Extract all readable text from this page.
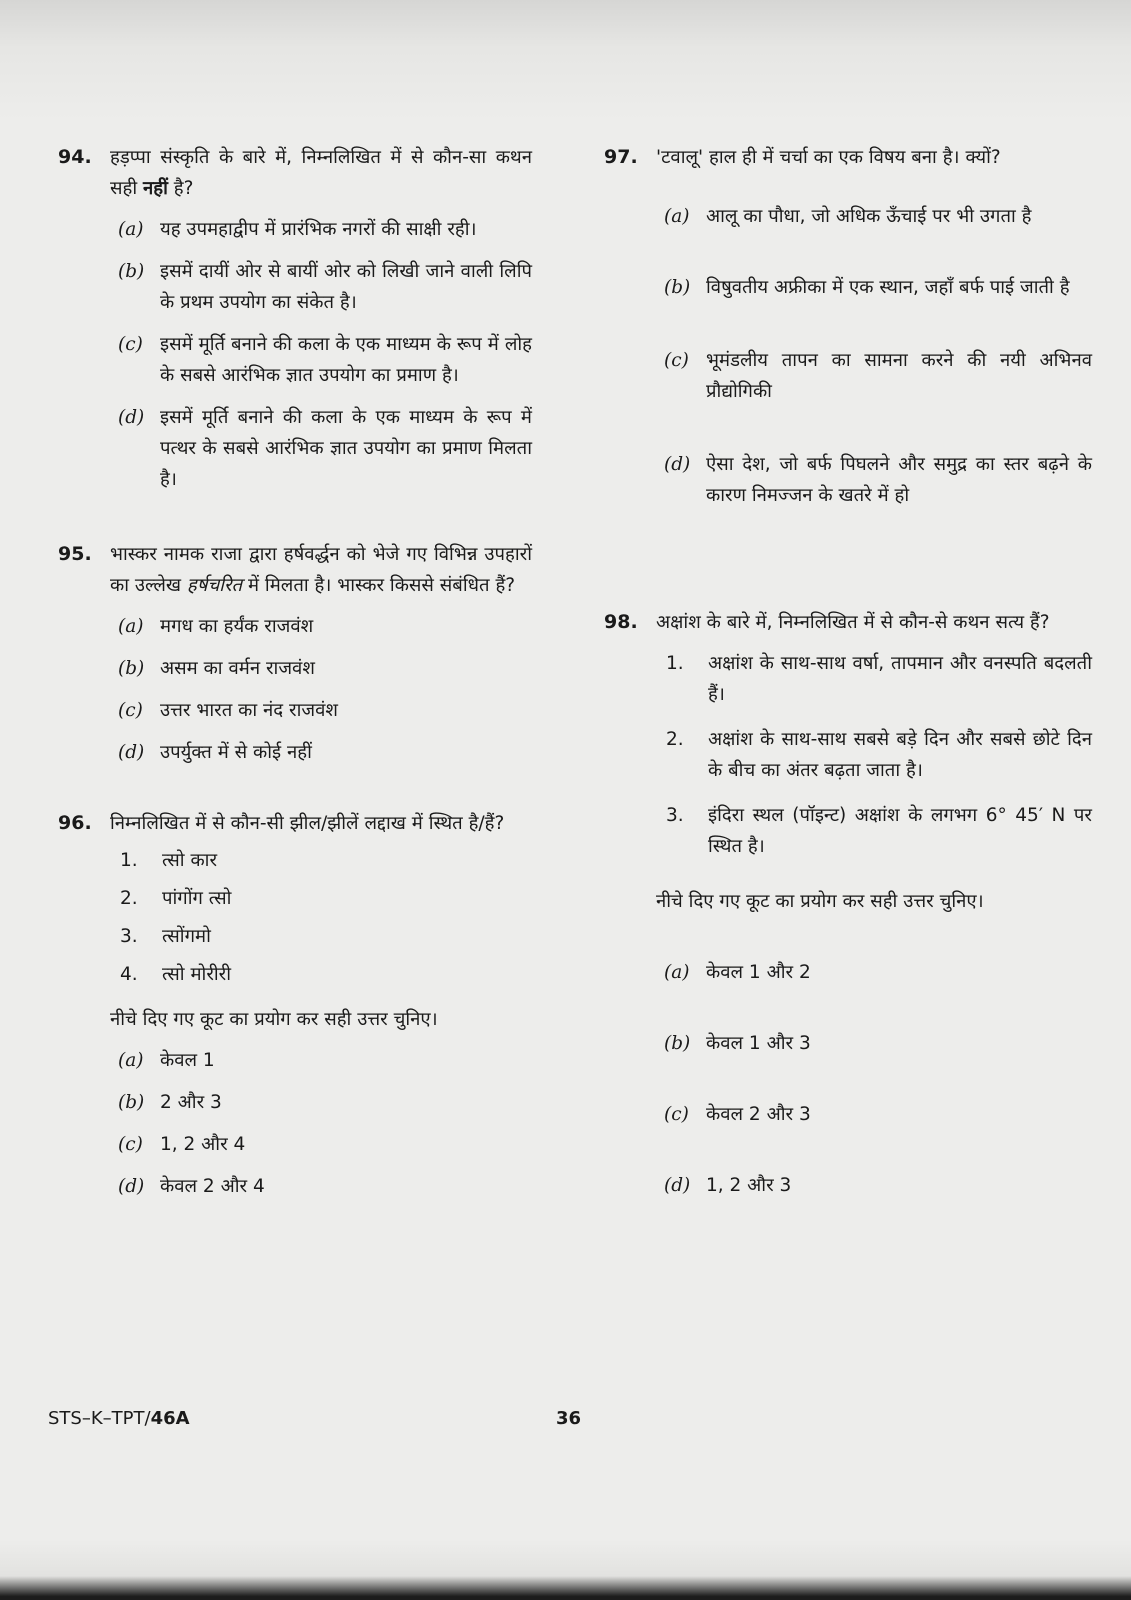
94. हड़प्पा संस्कृति के बारे में, निम्नलिखित में से कौन-सा कथन सही नहीं है?
(a) यह उपमहाद्वीप में प्रारंभिक नगरों की साक्षी रही।
(b) इसमें दायीं ओर से बायीं ओर को लिखी जाने वाली लिपि के प्रथम उपयोग का संकेत है।
(c) इसमें मूर्ति बनाने की कला के एक माध्यम के रूप में लोह के सबसे आरंभिक ज्ञात उपयोग का प्रमाण है।
(d) इसमें मूर्ति बनाने की कला के एक माध्यम के रूप में पत्थर के सबसे आरंभिक ज्ञात उपयोग का प्रमाण मिलता है।
95. भास्कर नामक राजा द्वारा हर्षवर्द्धन को भेजे गए विभिन्न उपहारों का उल्लेख हर्षचरित में मिलता है। भास्कर किससे संबंधित हैं?
(a) मगध का हर्यंक राजवंश
(b) असम का वर्मन राजवंश
(c) उत्तर भारत का नंद राजवंश
(d) उपर्युक्त में से कोई नहीं
96. निम्नलिखित में से कौन-सी झील/झीलें लद्दाख में स्थित है/हैं?
1. त्सो कार
2. पांगोंग त्सो
3. त्सोंगमो
4. त्सो मोरीरी
नीचे दिए गए कूट का प्रयोग कर सही उत्तर चुनिए।
(a) केवल 1
(b) 2 और 3
(c) 1, 2 और 4
(d) केवल 2 और 4
97. 'टवालू' हाल ही में चर्चा का एक विषय बना है। क्यों?
(a) आलू का पौधा, जो अधिक ऊँचाई पर भी उगता है
(b) विषुवतीय अफ्रीका में एक स्थान, जहाँ बर्फ पाई जाती है
(c) भूमंडलीय तापन का सामना करने की नयी अभिनव प्रौद्योगिकी
(d) ऐसा देश, जो बर्फ पिघलने और समुद्र का स्तर बढ़ने के कारण निमज्जन के खतरे में हो
98. अक्षांश के बारे में, निम्नलिखित में से कौन-से कथन सत्य हैं?
1. अक्षांश के साथ-साथ वर्षा, तापमान और वनस्पति बदलती हैं।
2. अक्षांश के साथ-साथ सबसे बड़े दिन और सबसे छोटे दिन के बीच का अंतर बढ़ता जाता है।
3. इंदिरा स्थल (पॉइन्ट) अक्षांश के लगभग 6° 45′ N पर स्थित है।
नीचे दिए गए कूट का प्रयोग कर सही उत्तर चुनिए।
(a) केवल 1 और 2
(b) केवल 1 और 3
(c) केवल 2 और 3
(d) 1, 2 और 3
STS–K–TPT/46A	36
